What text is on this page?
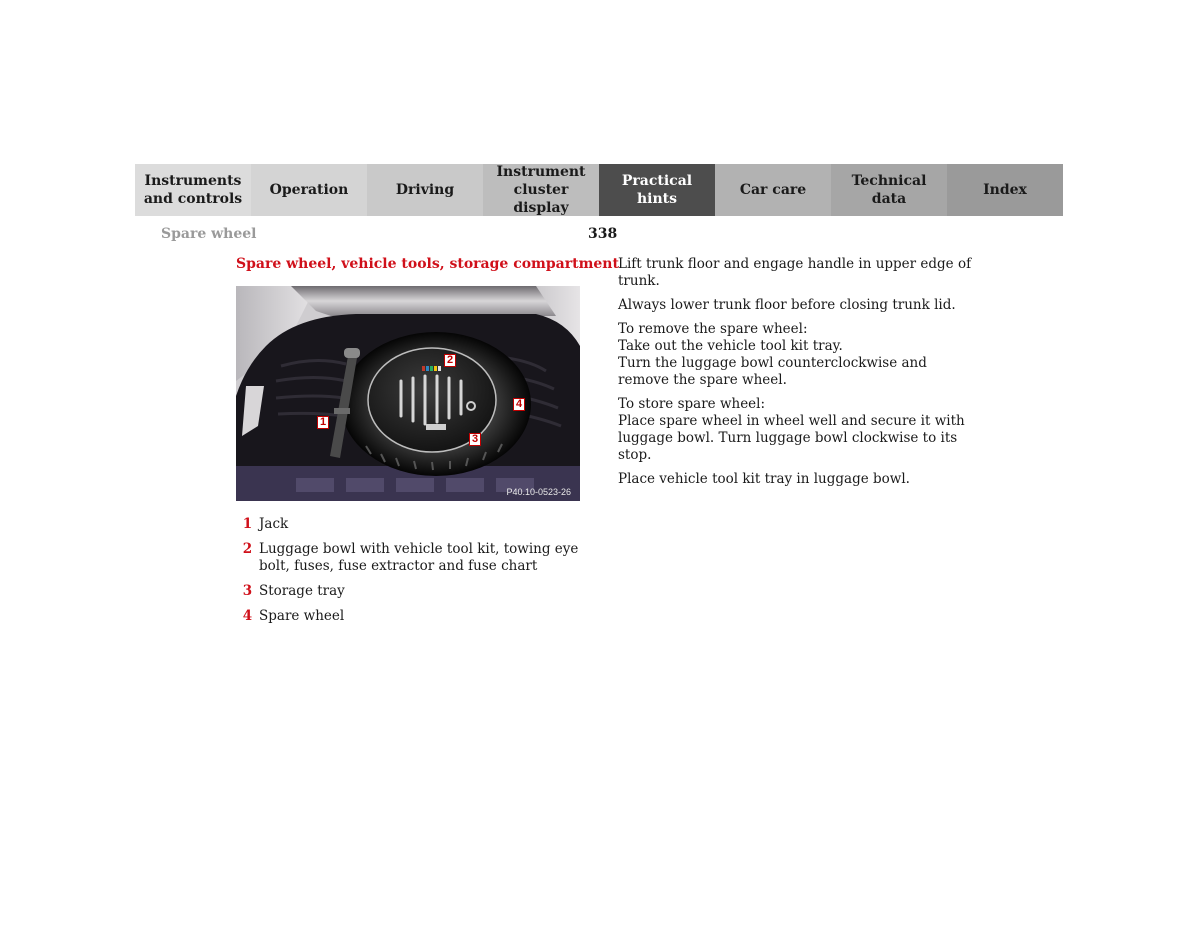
Instruments
and controls
Operation	Driving
Instrument
cluster display
Practical hints
Car care
Technical
data
Index
Spare wheel	338
Spare wheel, vehicle tools, storage compartment
1
2
3
4
P40.10-0523-26
1 Jack
2 Luggage bowl with vehicle tool kit, towing eye bolt, fuses, fuse extractor and fuse chart
3 Storage tray
4 Spare wheel

Lift trunk floor and engage handle in upper edge of trunk.

Always lower trunk floor before closing trunk lid.

To remove the spare wheel:
Take out the vehicle tool kit tray.
Turn the luggage bowl counterclockwise and remove the spare wheel.

To store spare wheel:
Place spare wheel in wheel well and secure it with luggage bowl. Turn luggage bowl clockwise to its stop.

Place vehicle tool kit tray in luggage bowl.
